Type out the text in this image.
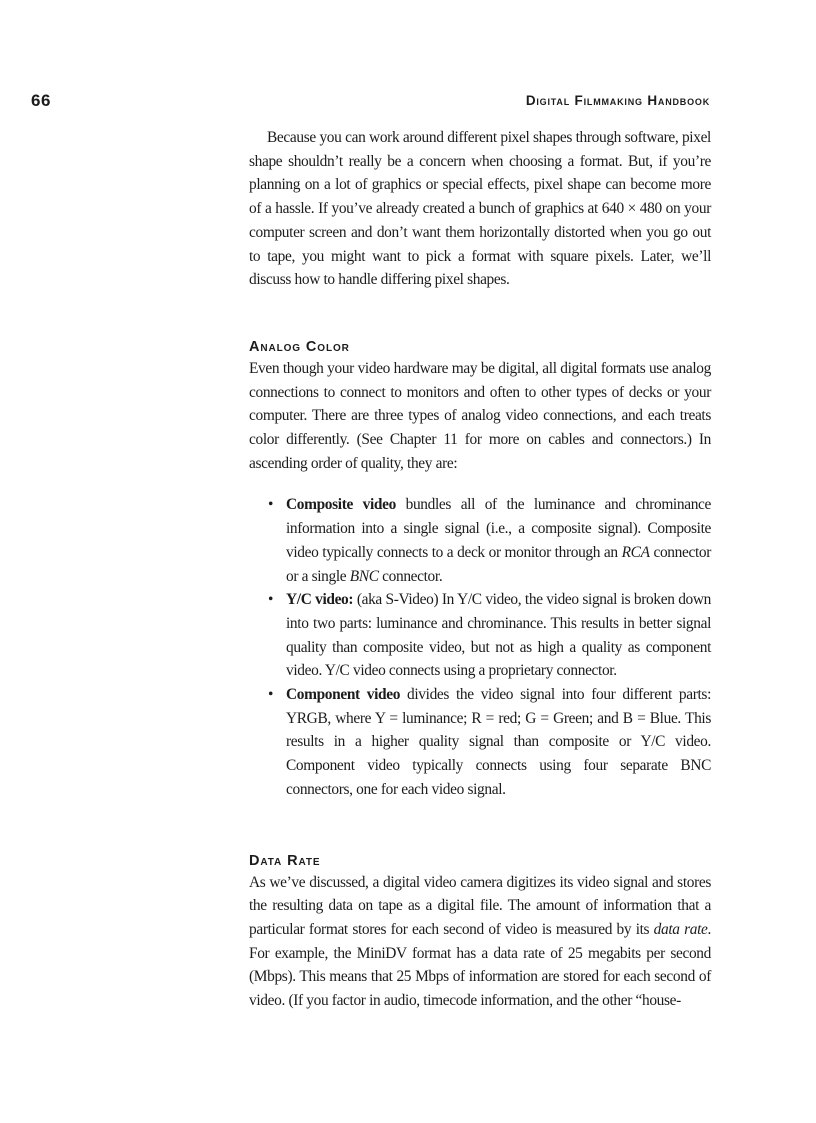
66	Digital Filmmaking Handbook

Because you can work around different pixel shapes through software, pixel shape shouldn’t really be a concern when choosing a format. But, if you’re planning on a lot of graphics or special effects, pixel shape can become more of a hassle. If you’ve already created a bunch of graphics at 640 × 480 on your computer screen and don’t want them horizontally distorted when you go out to tape, you might want to pick a format with square pixels. Later, we’ll discuss how to handle differing pixel shapes.

Analog Color

Even though your video hardware may be digital, all digital formats use analog connections to connect to monitors and often to other types of decks or your computer. There are three types of analog video connections, and each treats color differently. (See Chapter 11 for more on cables and connectors.) In ascending order of quality, they are:

• Composite video bundles all of the luminance and chrominance information into a single signal (i.e., a composite signal). Composite video typically connects to a deck or monitor through an RCA connector or a single BNC connector.
• Y/C video: (aka S-Video) In Y/C video, the video signal is broken down into two parts: luminance and chrominance. This results in better signal quality than composite video, but not as high a quality as component video. Y/C video connects using a proprietary connector.
• Component video divides the video signal into four different parts: YRGB, where Y = luminance; R = red; G = Green; and B = Blue. This results in a higher quality signal than composite or Y/C video. Component video typically connects using four separate BNC connectors, one for each video signal.
Data Rate

As we’ve discussed, a digital video camera digitizes its video signal and stores the resulting data on tape as a digital file. The amount of information that a particular format stores for each second of video is measured by its data rate. For example, the MiniDV format has a data rate of 25 megabits per second (Mbps). This means that 25 Mbps of information are stored for each second of video. (If you factor in audio, timecode information, and the other “house-
